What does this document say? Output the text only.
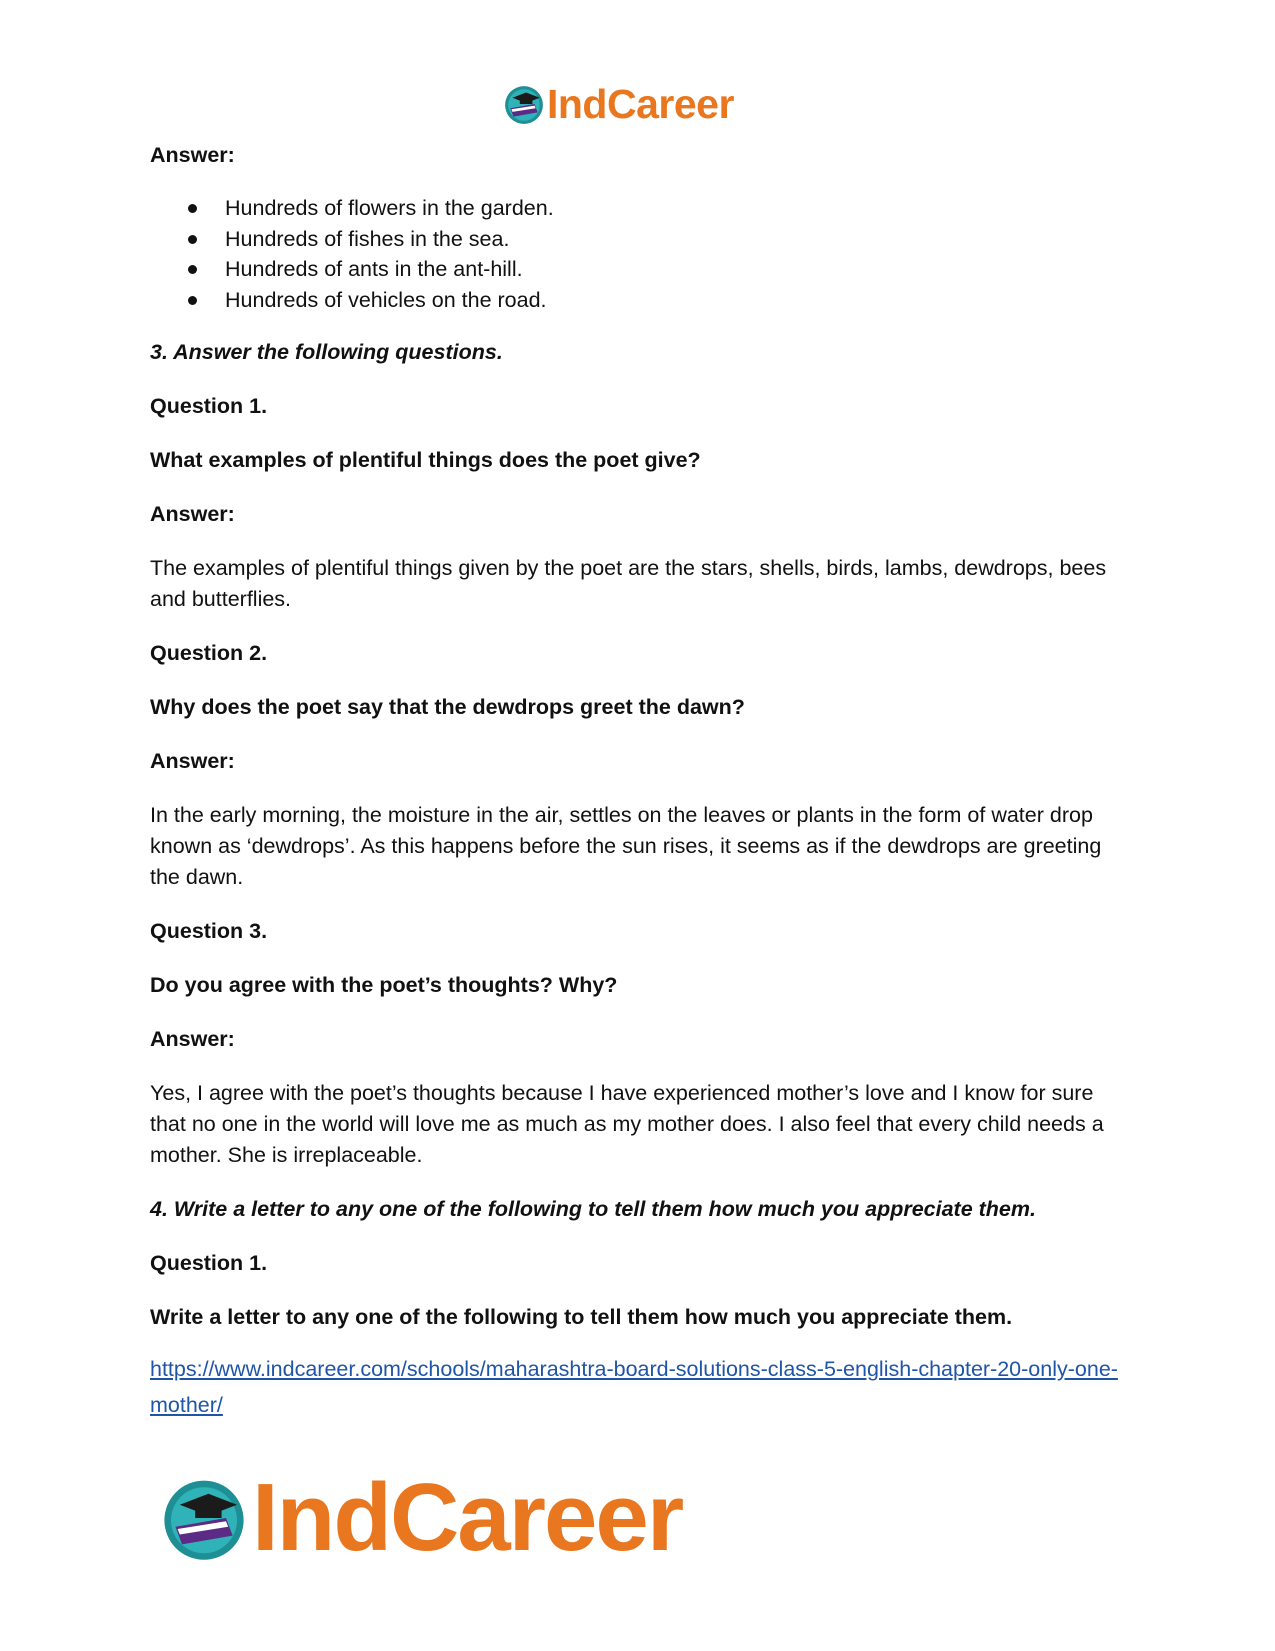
IndCareer

Answer:

Hundreds of flowers in the garden.
Hundreds of fishes in the sea.
Hundreds of ants in the ant-hill.
Hundreds of vehicles on the road.

3. Answer the following questions.

Question 1.

What examples of plentiful things does the poet give?

Answer:

The examples of plentiful things given by the poet are the stars, shells, birds, lambs, dewdrops, bees and butterflies.

Question 2.

Why does the poet say that the dewdrops greet the dawn?

Answer:

In the early morning, the moisture in the air, settles on the leaves or plants in the form of water drop known as ‘dewdrops’. As this happens before the sun rises, it seems as if the dewdrops are greeting the dawn.

Question 3.

Do you agree with the poet’s thoughts? Why?

Answer:

Yes, I agree with the poet’s thoughts because I have experienced mother’s love and I know for sure that no one in the world will love me as much as my mother does. I also feel that every child needs a mother. She is irreplaceable.

4. Write a letter to any one of the following to tell them how much you appreciate them.

Question 1.

Write a letter to any one of the following to tell them how much you appreciate them.

https://www.indcareer.com/schools/maharashtra-board-solutions-class-5-english-chapter-20-only-one-mother/
IndCareer
